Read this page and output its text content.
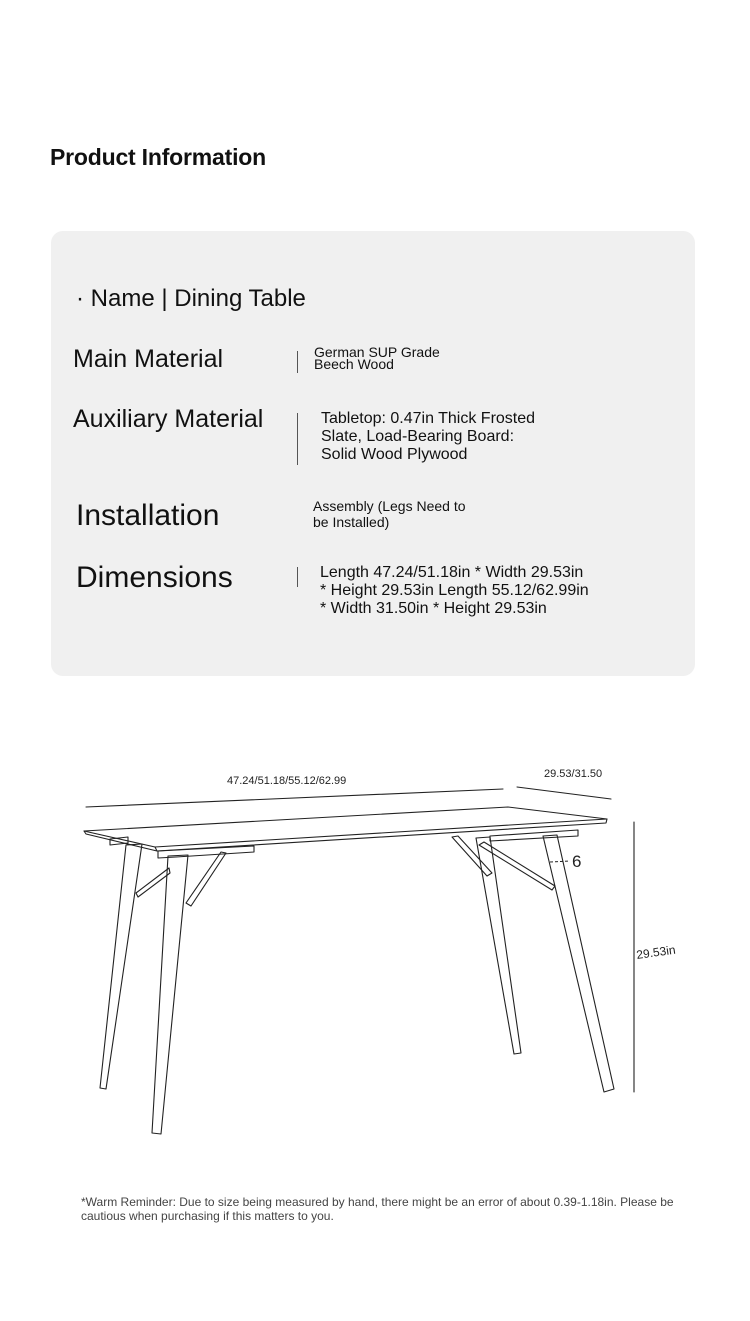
Product Information

· Name | Dining Table

Main Material	German SUP Grade
Beech Wood

Auxiliary Material	Tabletop: 0.47in Thick Frosted
Slate, Load-Bearing Board:
Solid Wood Plywood

Installation	Assembly (Legs Need to
be Installed)

Dimensions	Length 47.24/51.18in * Width 29.53in
* Height 29.53in Length 55.12/62.99in
* Width 31.50in * Height 29.53in

47.24/51.18/55.12/62.99
29.53/31.50
29.53in
6

*Warm Reminder: Due to size being measured by hand, there might be an error of about 0.39-1.18in. Please be cautious when purchasing if this matters to you.
